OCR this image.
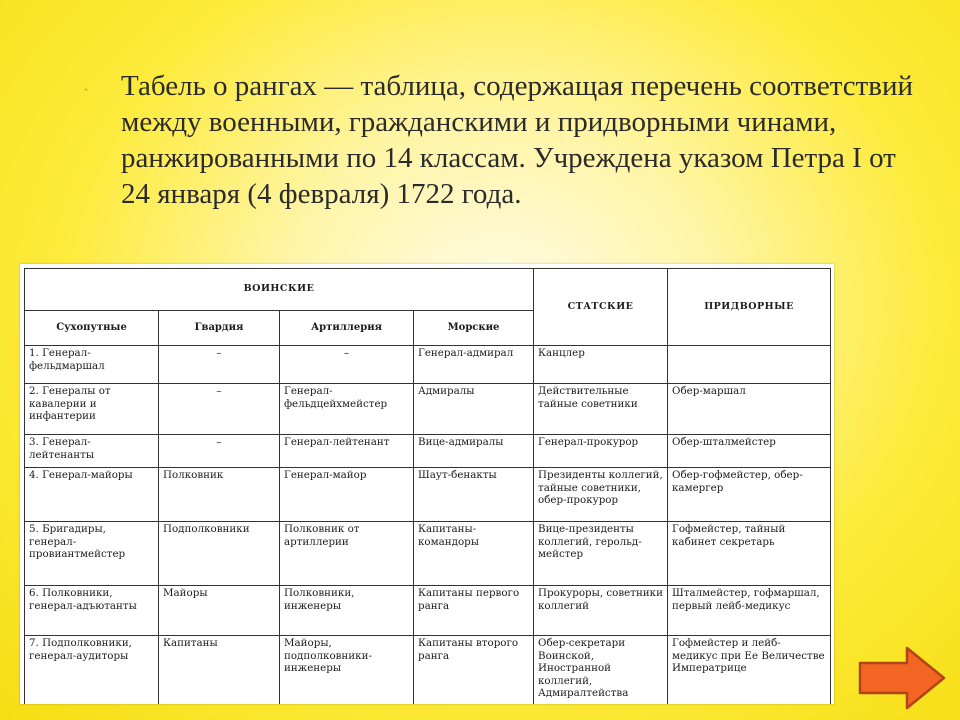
‸ Табель о рангах — таблица, содержащая перечень соответствий между военными, гражданскими и придворными чинами, ранжированными по 14 классам. Учреждена указом Петра I от 24 января (4 февраля) 1722 года.

ВОИНСКИЕ				СТАТСКИЕ	ПРИДВОРНЫЕ
Сухопутные	Гвардия	Артиллерия	Морские		
1. Генерал-фельдмаршал	–	–	Генерал-адмирал	Канцлер	
2. Генералы от кавалерии и инфантерии	–	Генерал-фельдцейхмейстер	Адмиралы	Действительные тайные советники	Обер-маршал
3. Генерал-лейтенанты	–	Генерал-лейтенант	Вице-адмиралы	Генерал-прокурор	Обер-шталмейстер
4. Генерал-майоры	Полковник	Генерал-майор	Шаут-бенакты	Президенты коллегий, тайные советники, обер-прокурор	Обер-гофмейстер, обер-камергер
5. Бригадиры, генерал-провиантмейстер	Подполковники	Полковник от артиллерии	Капитаны-командоры	Вице-президенты коллегий, герольд-мейстер	Гофмейстер, тайный кабинет секретарь
6. Полковники, генерал-адъютанты	Майоры	Полковники, инженеры	Капитаны первого ранга	Прокуроры, советники коллегий	Шталмейстер, гофмаршал, первый лейб-медикус
7. Подполковники, генерал-аудиторы	Капитаны	Майоры, подполковники-инженеры	Капитаны второго ранга	Обер-секретари Воинской, Иностранной коллегий, Адмиралтейства	Гофмейстер и лейб-медикус при Ее Величестве Императрице
